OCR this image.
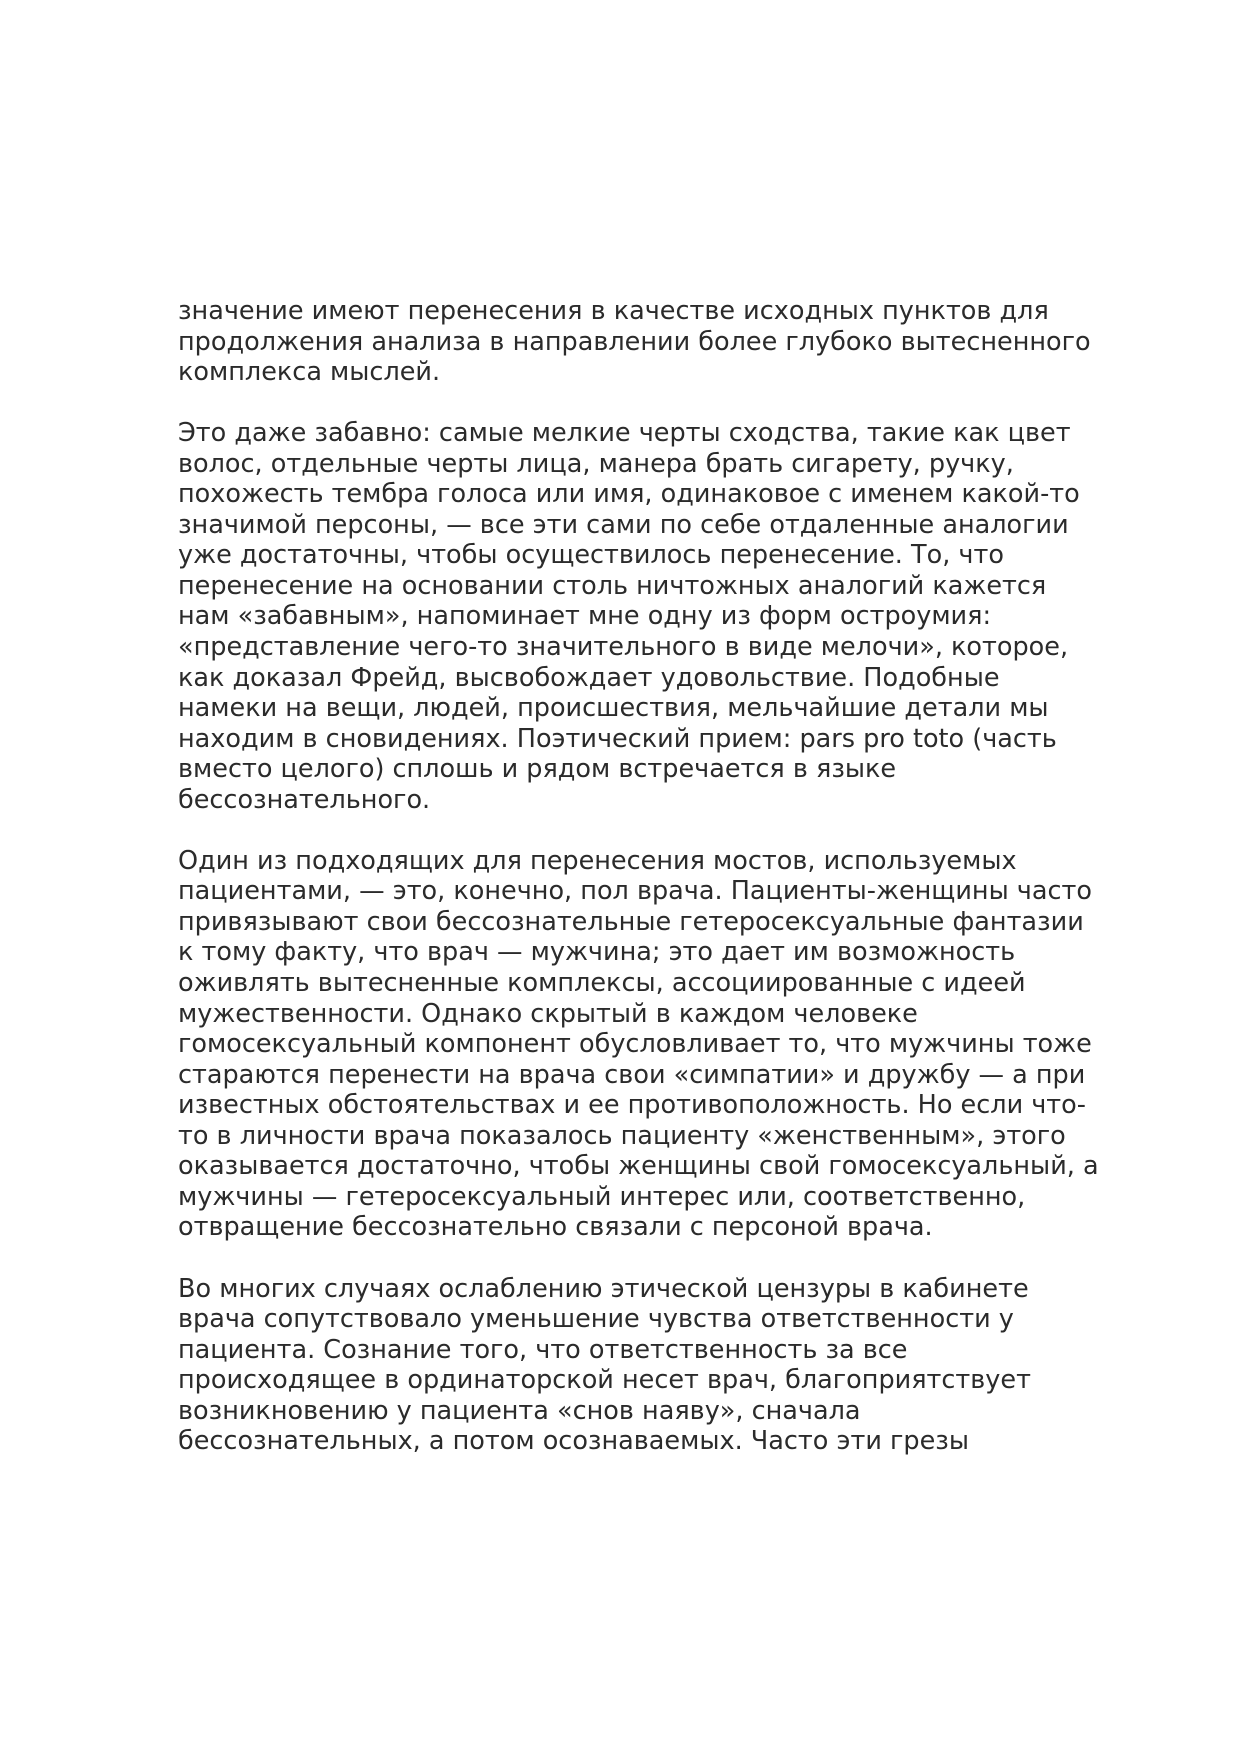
значение имеют перенесения в качестве исходных пунктов для
продолжения анализа в направлении более глубоко вытесненного
комплекса мыслей.

Это даже забавно: самые мелкие черты сходства, такие как цвет
волос, отдельные черты лица, манера брать сигарету, ручку,
похожесть тембра голоса или имя, одинаковое с именем какой-то
значимой персоны, — все эти сами по себе отдаленные аналогии
уже достаточны, чтобы осуществилось перенесение. То, что
перенесение на основании столь ничтожных аналогий кажется
нам «забавным», напоминает мне одну из форм остроумия:
«представление чего-то значительного в виде мелочи», которое,
как доказал Фрейд, высвобождает удовольствие. Подобные
намеки на вещи, людей, происшествия, мельчайшие детали мы
находим в сновидениях. Поэтический прием: pars pro toto (часть
вместо целого) сплошь и рядом встречается в языке
бессознательного.

Один из подходящих для перенесения мостов, используемых
пациентами, — это, конечно, пол врача. Пациенты-женщины часто
привязывают свои бессознательные гетеросексуальные фантазии
к тому факту, что врач — мужчина; это дает им возможность
оживлять вытесненные комплексы, ассоциированные с идеей
мужественности. Однако скрытый в каждом человеке
гомосексуальный компонент обусловливает то, что мужчины тоже
стараются перенести на врача свои «симпатии» и дружбу — а при
известных обстоятельствах и ее противоположность. Но если что-
то в личности врача показалось пациенту «женственным», этого
оказывается достаточно, чтобы женщины свой гомосексуальный, а
мужчины — гетеросексуальный интерес или, соответственно,
отвращение бессознательно связали с персоной врача.

Во многих случаях ослаблению этической цензуры в кабинете
врача сопутствовало уменьшение чувства ответственности у
пациента. Сознание того, что ответственность за все
происходящее в ординаторской несет врач, благоприятствует
возникновению у пациента «снов наяву», сначала
бессознательных, а потом осознаваемых. Часто эти грезы
